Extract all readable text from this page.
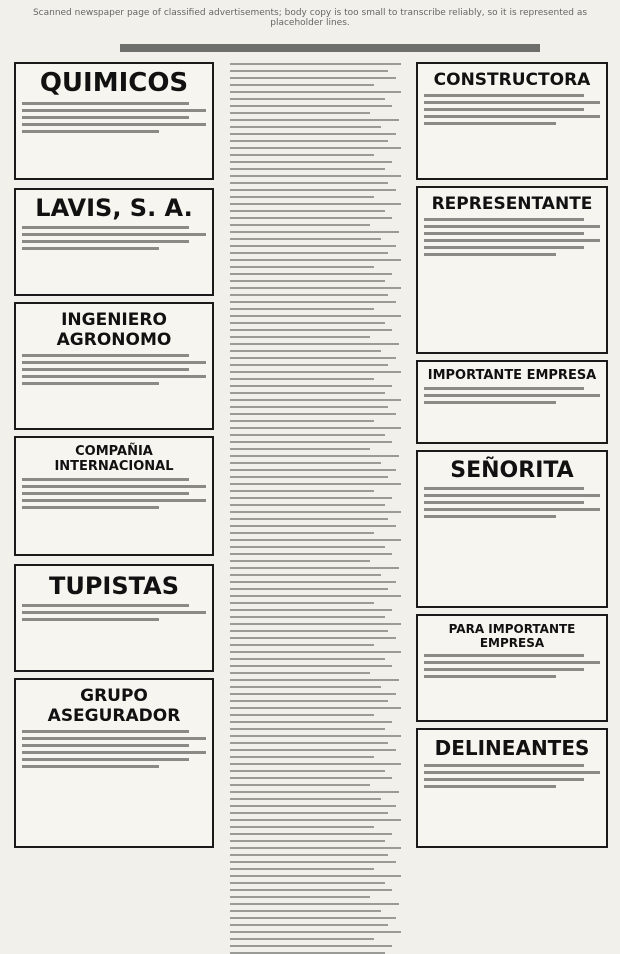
Scanned newspaper page of classified advertisements; body copy is too small to transcribe reliably, so it is represented as placeholder lines.
QUIMICOS
LAVIS, S. A.
INGENIERO AGRONOMO
COMPAÑIA INTERNACIONAL
TUPISTAS
GRUPO ASEGURADOR
CONSTRUCTORA
REPRESENTANTE
IMPORTANTE EMPRESA
SEÑORITA
PARA IMPORTANTE EMPRESA
DELINEANTES
